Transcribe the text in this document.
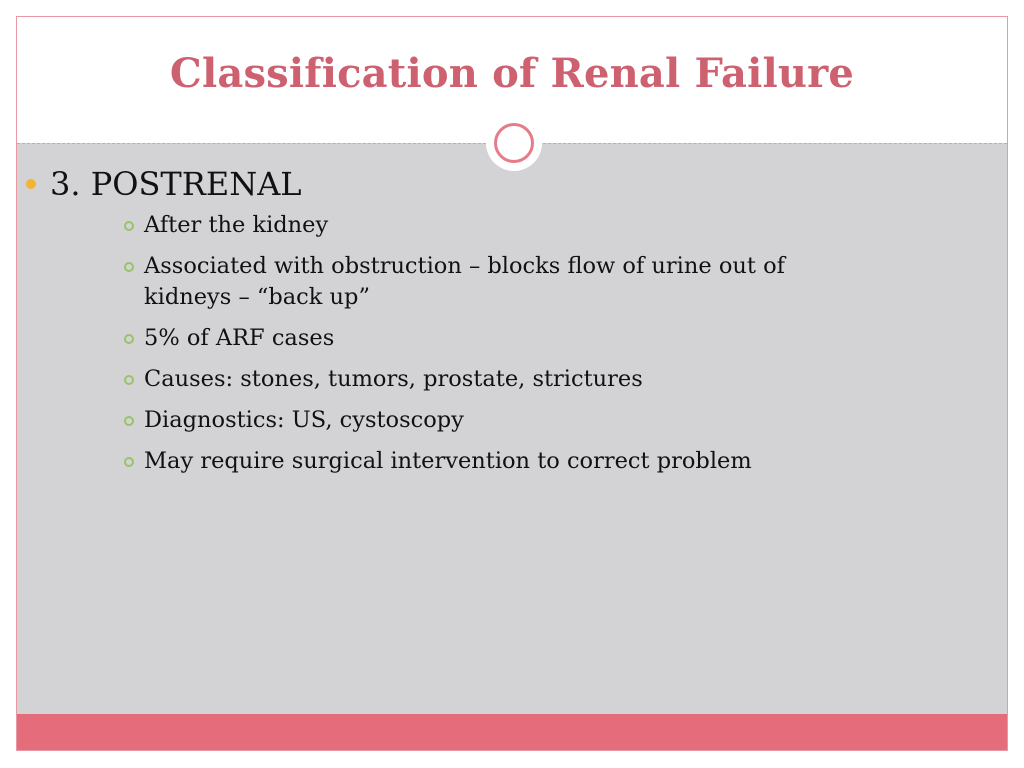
Classification of Renal Failure
3. POSTRENAL
After the kidney
Associated with obstruction – blocks flow of urine out of kidneys – “back up”
5% of ARF cases
Causes: stones, tumors, prostate, strictures
Diagnostics: US, cystoscopy
May require surgical intervention to correct problem
